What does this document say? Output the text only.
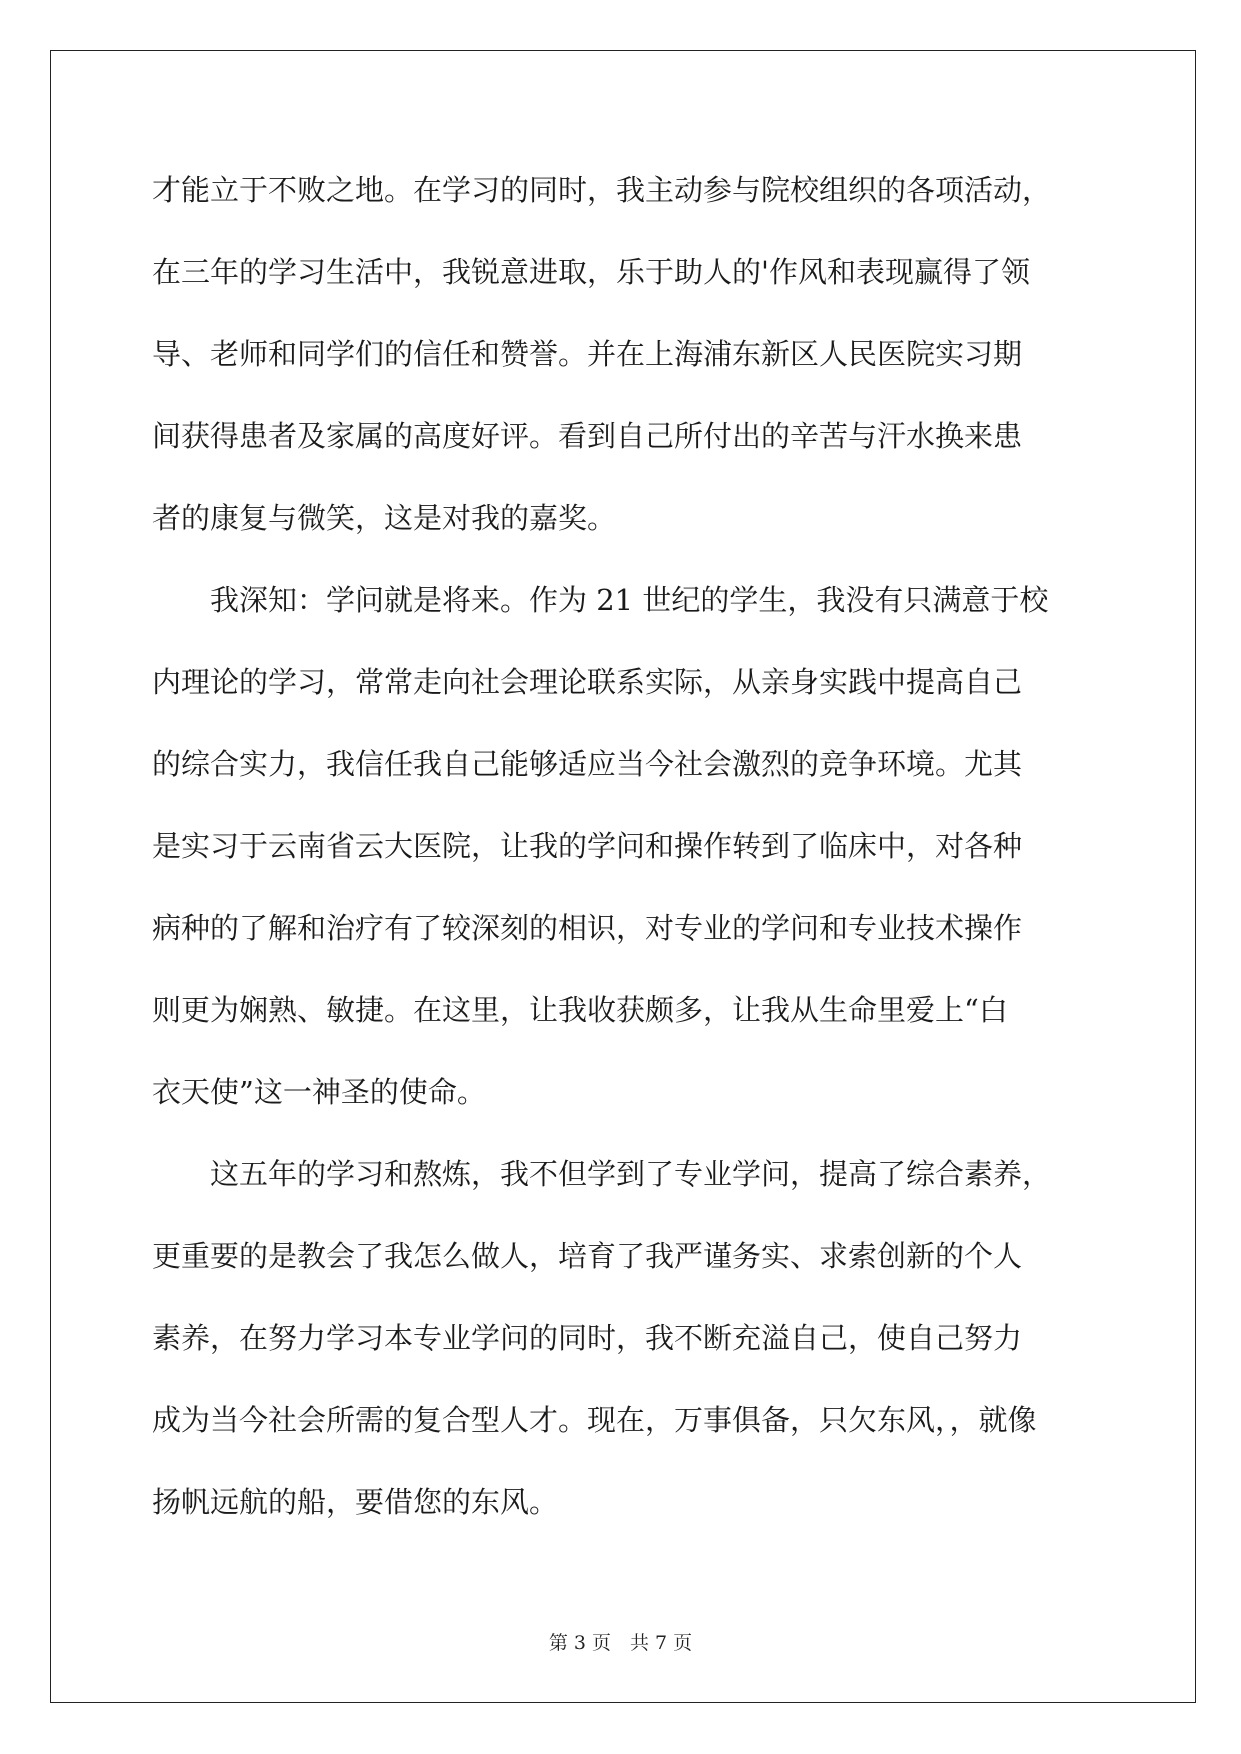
才能立于不败之地。在学习的同时，我主动参与院校组织的各项活动，
在三年的学习生活中，我锐意进取，乐于助人的'作风和表现赢得了领
导、老师和同学们的信任和赞誉。并在上海浦东新区人民医院实习期
间获得患者及家属的高度好评。看到自己所付出的辛苦与汗水换来患
者的康复与微笑，这是对我的嘉奖。
　　我深知：学问就是将来。作为 21 世纪的学生，我没有只满意于校
内理论的学习，常常走向社会理论联系实际，从亲身实践中提高自己
的综合实力，我信任我自己能够适应当今社会激烈的竞争环境。尤其
是实习于云南省云大医院，让我的学问和操作转到了临床中，对各种
病种的了解和治疗有了较深刻的相识，对专业的学问和专业技术操作
则更为娴熟、敏捷。在这里，让我收获颇多，让我从生命里爱上“白
衣天使”这一神圣的使命。
　　这五年的学习和熬炼，我不但学到了专业学问，提高了综合素养，
更重要的是教会了我怎么做人，培育了我严谨务实、求索创新的个人
素养，在努力学习本专业学问的同时，我不断充溢自己，使自己努力
成为当今社会所需的复合型人才。现在，万事俱备，只欠东风，，就像
扬帆远航的船，要借您的东风。
第 3 页　共 7 页
